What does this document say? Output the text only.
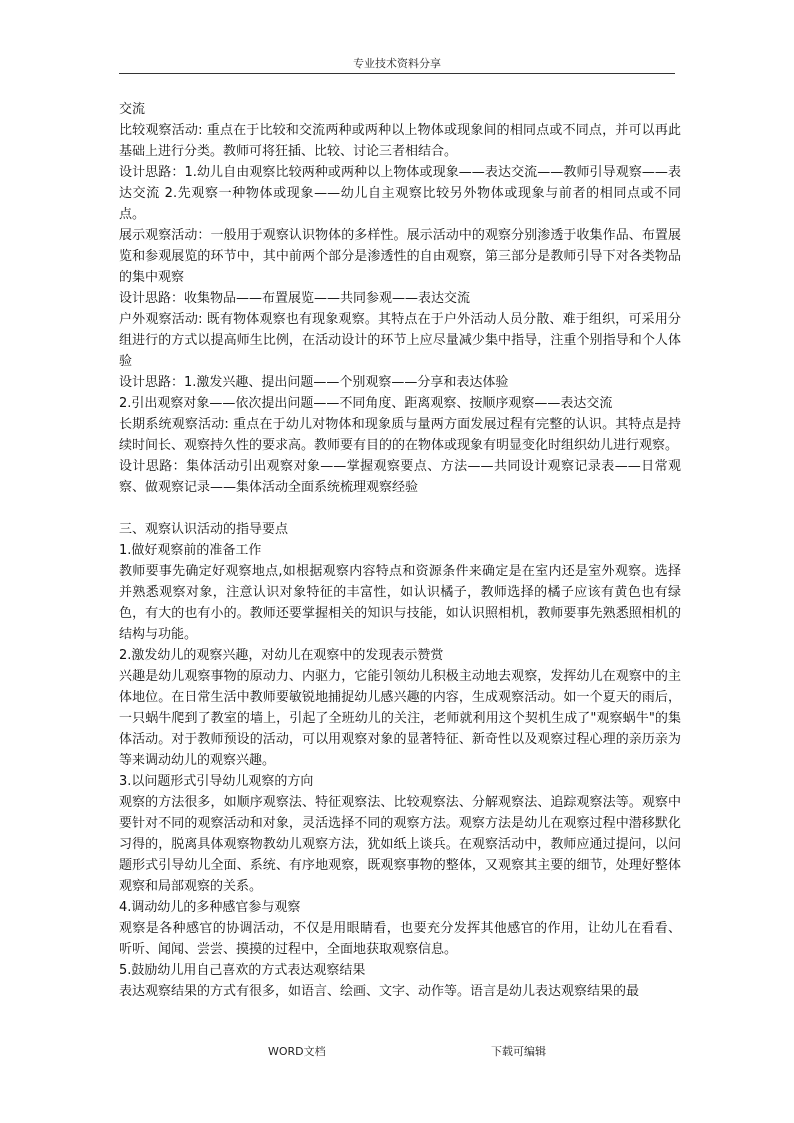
专业技术资料分享

交流

比较观察活动: 重点在于比较和交流两种或两种以上物体或现象间的相同点或不同点，并可以再此基础上进行分类。教师可将狂插、比较、讨论三者相结合。

设计思路：1.幼儿自由观察比较两种或两种以上物体或现象——表达交流——教师引导观察——表达交流 2.先观察一种物体或现象——幼儿自主观察比较另外物体或现象与前者的相同点或不同点。

展示观察活动：一般用于观察认识物体的多样性。展示活动中的观察分别渗透于收集作品、布置展览和参观展览的环节中，其中前两个部分是渗透性的自由观察，第三部分是教师引导下对各类物品的集中观察

设计思路：收集物品——布置展览——共同参观——表达交流

户外观察活动: 既有物体观察也有现象观察。其特点在于户外活动人员分散、难于组织，可采用分组进行的方式以提高师生比例，在活动设计的环节上应尽量减少集中指导，注重个别指导和个人体验

设计思路：1.激发兴趣、提出问题——个别观察——分享和表达体验

2.引出观察对象——依次提出问题——不同角度、距离观察、按顺序观察——表达交流

长期系统观察活动: 重点在于幼儿对物体和现象质与量两方面发展过程有完整的认识。其特点是持续时间长、观察持久性的要求高。教师要有目的的在物体或现象有明显变化时组织幼儿进行观察。

设计思路：集体活动引出观察对象——掌握观察要点、方法——共同设计观察记录表——日常观察、做观察记录——集体活动全面系统梳理观察经验

三、观察认识活动的指导要点

1.做好观察前的准备工作

教师要事先确定好观察地点,如根据观察内容特点和资源条件来确定是在室内还是室外观察。选择并熟悉观察对象，注意认识对象特征的丰富性，如认识橘子，教师选择的橘子应该有黄色也有绿色，有大的也有小的。教师还要掌握相关的知识与技能，如认识照相机，教师要事先熟悉照相机的结构与功能。

2.激发幼儿的观察兴趣，对幼儿在观察中的发现表示赞赏

兴趣是幼儿观察事物的原动力、内驱力，它能引领幼儿积极主动地去观察，发挥幼儿在观察中的主体地位。在日常生活中教师要敏锐地捕捉幼儿感兴趣的内容，生成观察活动。如一个夏天的雨后，一只蜗牛爬到了教室的墙上，引起了全班幼儿的关注，老师就利用这个契机生成了"观察蜗牛"的集体活动。对于教师预设的活动，可以用观察对象的显著特征、新奇性以及观察过程心理的亲历亲为等来调动幼儿的观察兴趣。

3.以问题形式引导幼儿观察的方向

观察的方法很多，如顺序观察法、特征观察法、比较观察法、分解观察法、追踪观察法等。观察中要针对不同的观察活动和对象，灵活选择不同的观察方法。观察方法是幼儿在观察过程中潜移默化习得的，脱离具体观察物教幼儿观察方法，犹如纸上谈兵。在观察活动中，教师应通过提问，以问题形式引导幼儿全面、系统、有序地观察，既观察事物的整体，又观察其主要的细节，处理好整体观察和局部观察的关系。

4.调动幼儿的多种感官参与观察

观察是各种感官的协调活动，不仅是用眼睛看，也要充分发挥其他感官的作用，让幼儿在看看、 听听、闻闻、尝尝、摸摸的过程中，全面地获取观察信息。

5.鼓励幼儿用自己喜欢的方式表达观察结果

表达观察结果的方式有很多，如语言、绘画、文字、动作等。语言是幼儿表达观察结果的最

WORD文档	下载可编辑
